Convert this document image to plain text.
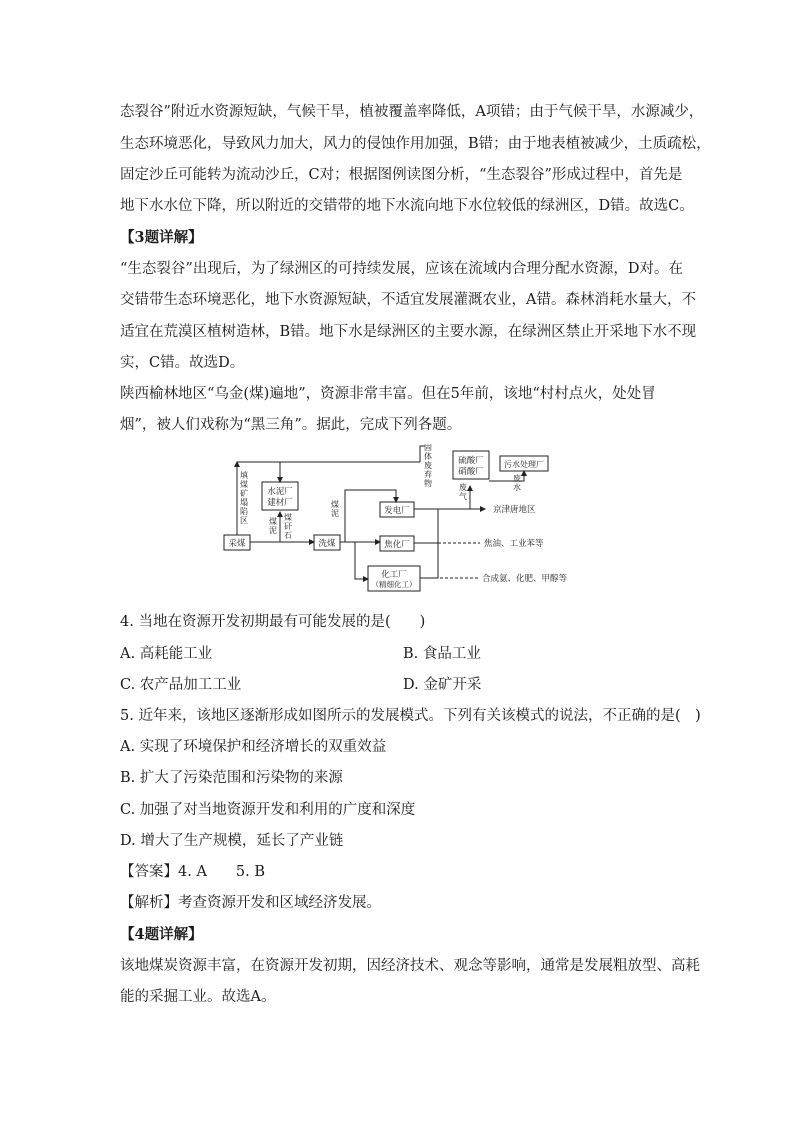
态裂谷”附近水资源短缺，气候干旱，植被覆盖率降低，A项错；由于气候干旱，水源减少，
生态环境恶化，导致风力加大，风力的侵蚀作用加强，B错；由于地表植被减少，土质疏松，
固定沙丘可能转为流动沙丘，C对；根据图例读图分析，“生态裂谷”形成过程中，首先是
地下水水位下降，所以附近的交错带的地下水流向地下水位较低的绿洲区，D错。故选C。
【3题详解】
“生态裂谷”出现后，为了绿洲区的可持续发展，应该在流域内合理分配水资源，D对。在
交错带生态环境恶化，地下水资源短缺，不适宜发展灌溉农业，A错。森林消耗水量大，不
适宜在荒漠区植树造林，B错。地下水是绿洲区的主要水源，在绿洲区禁止开采地下水不现
实，C错。故选D。
陕西榆林地区“乌金(煤)遍地”，资源非常丰富。但在5年前，该地“村村点火，处处冒
烟”，被人们戏称为“黑三角”。据此，完成下列各题。
采煤
水泥厂
建材厂
洗煤
发电厂
焦化厂
化工厂
（精细化工）
硫酸厂
硝酸厂
污水处理厂
填
煤
矿
塌
陷
区
固
体
废
弃
物
煤
泥
煤
矸
石
煤
泥
废
气
废
水
京津唐地区
焦油、工业苯等
合成氨、化肥、甲醇等
4. 当地在资源开发初期最有可能发展的是(　　)
A. 高耗能工业	B. 食品工业
C. 农产品加工工业	D. 金矿开采
5. 近年来，该地区逐渐形成如图所示的发展模式。下列有关该模式的说法，不正确的是(　)
A. 实现了环境保护和经济增长的双重效益
B. 扩大了污染范围和污染物的来源
C. 加强了对当地资源开发和利用的广度和深度
D. 增大了生产规模，延长了产业链
【答案】4. A　　5. B
【解析】考查资源开发和区域经济发展。
【4题详解】
该地煤炭资源丰富，在资源开发初期，因经济技术、观念等影响，通常是发展粗放型、高耗
能的采掘工业。故选A。
